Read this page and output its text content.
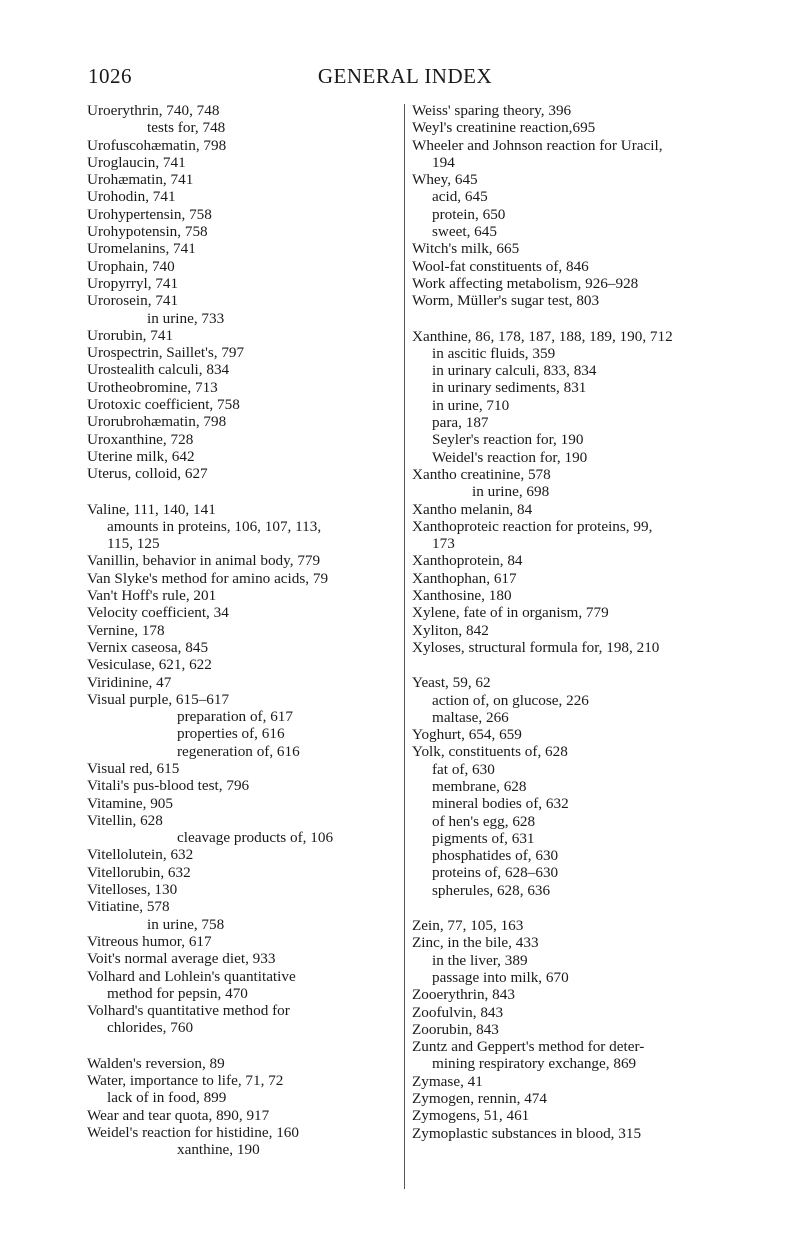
1026	GENERAL INDEX
Uroerythrin, 740, 748
tests for, 748
Urofuscohæmatin, 798
Uroglaucin, 741
Urohæmatin, 741
Urohodin, 741
Urohypertensin, 758
Urohypotensin, 758
Uromelanins, 741
Urophain, 740
Uropyrryl, 741
Urorosein, 741
in urine, 733
Urorubin, 741
Urospectrin, Saillet's, 797
Urostealith calculi, 834
Urotheobromine, 713
Urotoxic coefficient, 758
Urorubrohæmatin, 798
Uroxanthine, 728
Uterine milk, 642
Uterus, colloid, 627
Valine, 111, 140, 141
amounts in proteins, 106, 107, 113,
115, 125
Vanillin, behavior in animal body, 779
Van Slyke's method for amino acids, 79
Van't Hoff's rule, 201
Velocity coefficient, 34
Vernine, 178
Vernix caseosa, 845
Vesiculase, 621, 622
Viridinine, 47
Visual purple, 615–617
preparation of, 617
properties of, 616
regeneration of, 616
Visual red, 615
Vitali's pus-blood test, 796
Vitamine, 905
Vitellin, 628
cleavage products of, 106
Vitellolutein, 632
Vitellorubin, 632
Vitelloses, 130
Vitiatine, 578
in urine, 758
Vitreous humor, 617
Voit's normal average diet, 933
Volhard and Lohlein's quantitative
method for pepsin, 470
Volhard's quantitative method for
chlorides, 760
Walden's reversion, 89
Water, importance to life, 71, 72
lack of in food, 899
Wear and tear quota, 890, 917
Weidel's reaction for histidine, 160
xanthine, 190
Weiss' sparing theory, 396
Weyl's creatinine reaction,695
Wheeler and Johnson reaction for Uracil,
194
Whey, 645
acid, 645
protein, 650
sweet, 645
Witch's milk, 665
Wool-fat constituents of, 846
Work affecting metabolism, 926–928
Worm, Müller's sugar test, 803
Xanthine, 86, 178, 187, 188, 189, 190, 712
in ascitic fluids, 359
in urinary calculi, 833, 834
in urinary sediments, 831
in urine, 710
para, 187
Seyler's reaction for, 190
Weidel's reaction for, 190
Xantho creatinine, 578
in urine, 698
Xantho melanin, 84
Xanthoproteic reaction for proteins, 99,
173
Xanthoprotein, 84
Xanthophan, 617
Xanthosine, 180
Xylene, fate of in organism, 779
Xyliton, 842
Xyloses, structural formula for, 198, 210
Yeast, 59, 62
action of, on glucose, 226
maltase, 266
Yoghurt, 654, 659
Yolk, constituents of, 628
fat of, 630
membrane, 628
mineral bodies of, 632
of hen's egg, 628
pigments of, 631
phosphatides of, 630
proteins of, 628–630
spherules, 628, 636
Zein, 77, 105, 163
Zinc, in the bile, 433
in the liver, 389
passage into milk, 670
Zooerythrin, 843
Zoofulvin, 843
Zoorubin, 843
Zuntz and Geppert's method for deter-
mining respiratory exchange, 869
Zymase, 41
Zymogen, rennin, 474
Zymogens, 51, 461
Zymoplastic substances in blood, 315
